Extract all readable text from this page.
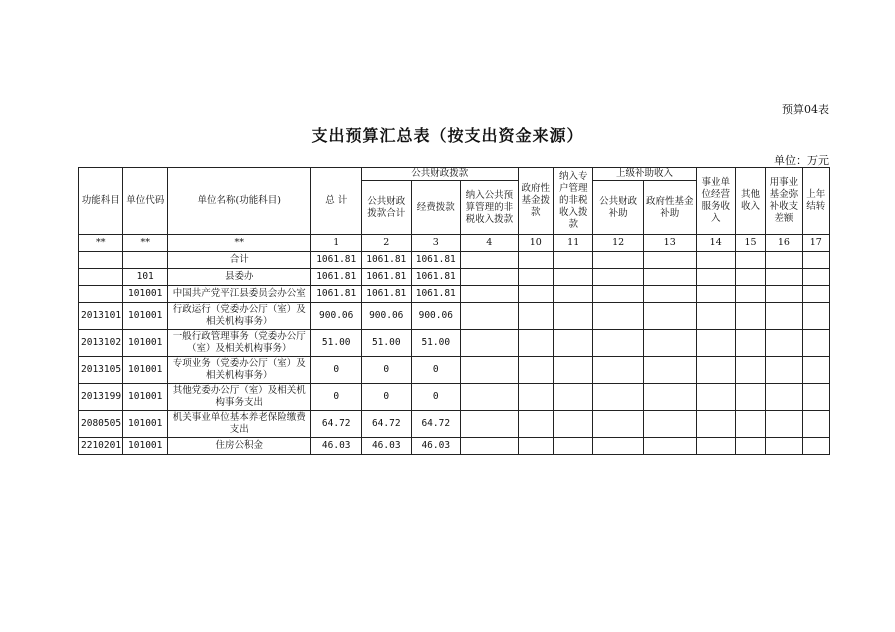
预算04表
支出预算汇总表（按支出资金来源）
单位：万元
功能科目	单位代码	单位名称(功能科目)	总 计	公共财政拨款			政府性基金拨款	纳入专户管理的非税收入拨款	上级补助收入		事业单位经营服务收入	其他收入	用事业基金弥补收支差额	上年结转
				公共财政拨款合计	经费拨款	纳入公共预算管理的非税收入拨款			公共财政补助	政府性基金补助				
**	**	**	1	2	3	4	10	11	12	13	14	15	16	17
		合计	1061.81	1061.81	1061.81									
	101	县委办	1061.81	1061.81	1061.81									
	101001	中国共产党平江县委员会办公室	1061.81	1061.81	1061.81									
2013101	101001	行政运行（党委办公厅（室）及相关机构事务）	900.06	900.06	900.06									
2013102	101001	一般行政管理事务（党委办公厅（室）及相关机构事务）	51.00	51.00	51.00									
2013105	101001	专项业务（党委办公厅（室）及相关机构事务）	0	0	0									
2013199	101001	其他党委办公厅（室）及相关机构事务支出	0	0	0									
2080505	101001	机关事业单位基本养老保险缴费支出	64.72	64.72	64.72									
2210201	101001	住房公积金	46.03	46.03	46.03									
